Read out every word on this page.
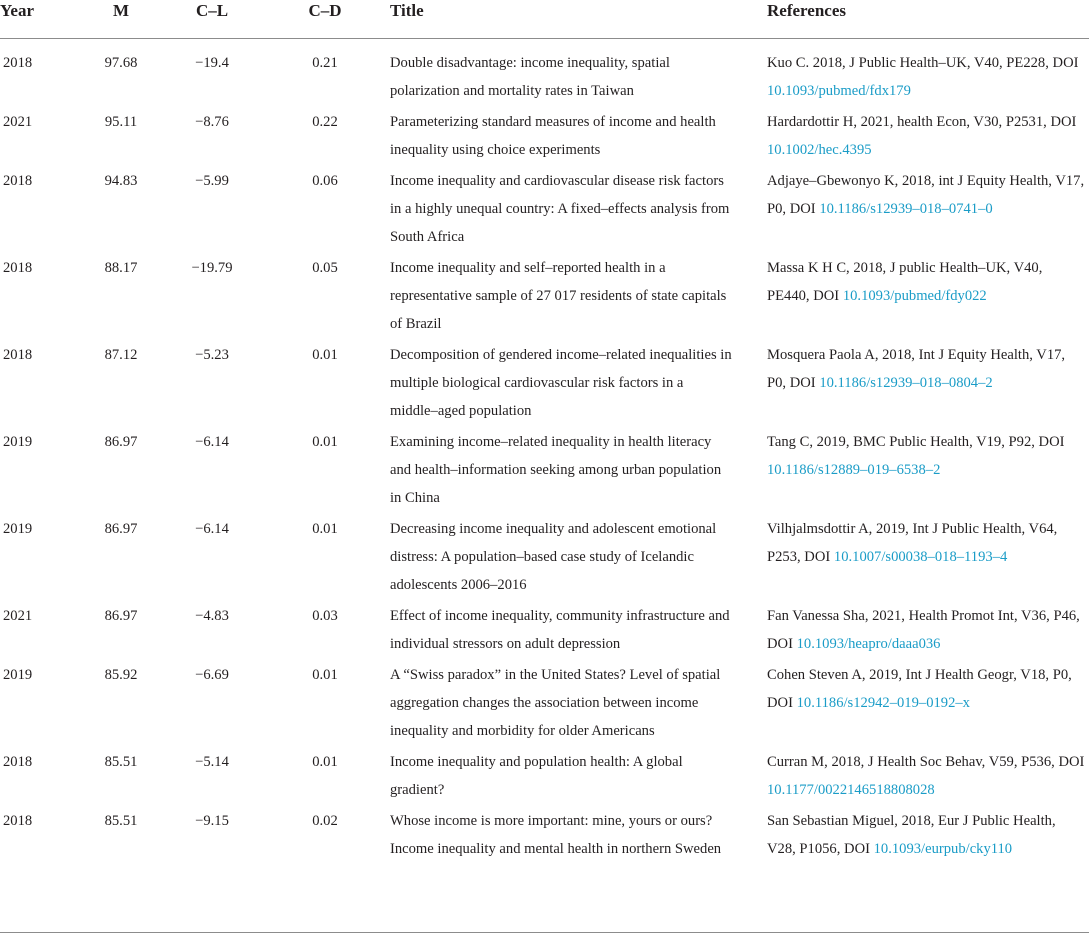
Year	M	C–L	C–D	Title	References
2018	97.68	−19.4	0.21	Double disadvantage: income inequality, spatial polarization and mortality rates in Taiwan	Kuo C. 2018, J Public Health–UK, V40, PE228, DOI 10.1093/pubmed/fdx179
2021	95.11	−8.76	0.22	Parameterizing standard measures of income and health inequality using choice experiments	Hardardottir H, 2021, health Econ, V30, P2531, DOI 10.1002/hec.4395
2018	94.83	−5.99	0.06	Income inequality and cardiovascular disease risk factors in a highly unequal country: A fixed–effects analysis from South Africa	Adjaye–Gbewonyo K, 2018, int J Equity Health, V17, P0, DOI 10.1186/s12939–018–0741–0
2018	88.17	−19.79	0.05	Income inequality and self–reported health in a representative sample of 27 017 residents of state capitals of Brazil	Massa K H C, 2018, J public Health–UK, V40, PE440, DOI 10.1093/pubmed/fdy022
2018	87.12	−5.23	0.01	Decomposition of gendered income–related inequalities in multiple biological cardiovascular risk factors in a middle–aged population	Mosquera Paola A, 2018, Int J Equity Health, V17, P0, DOI 10.1186/s12939–018–0804–2
2019	86.97	−6.14	0.01	Examining income–related inequality in health literacy and health–information seeking among urban population in China	Tang C, 2019, BMC Public Health, V19, P92, DOI 10.1186/s12889–019–6538–2
2019	86.97	−6.14	0.01	Decreasing income inequality and adolescent emotional distress: A population–based case study of Icelandic adolescents 2006–2016	Vilhjalmsdottir A, 2019, Int J Public Health, V64, P253, DOI 10.1007/s00038–018–1193–4
2021	86.97	−4.83	0.03	Effect of income inequality, community infrastructure and individual stressors on adult depression	Fan Vanessa Sha, 2021, Health Promot Int, V36, P46, DOI 10.1093/heapro/daaa036
2019	85.92	−6.69	0.01	A “Swiss paradox” in the United States? Level of spatial aggregation changes the association between income inequality and morbidity for older Americans	Cohen Steven A, 2019, Int J Health Geogr, V18, P0, DOI 10.1186/s12942–019–0192–x
2018	85.51	−5.14	0.01	Income inequality and population health: A global gradient?	Curran M, 2018, J Health Soc Behav, V59, P536, DOI 10.1177/0022146518808028
2018	85.51	−9.15	0.02	Whose income is more important: mine, yours or ours? Income inequality and mental health in northern Sweden	San Sebastian Miguel, 2018, Eur J Public Health, V28, P1056, DOI 10.1093/eurpub/cky110
